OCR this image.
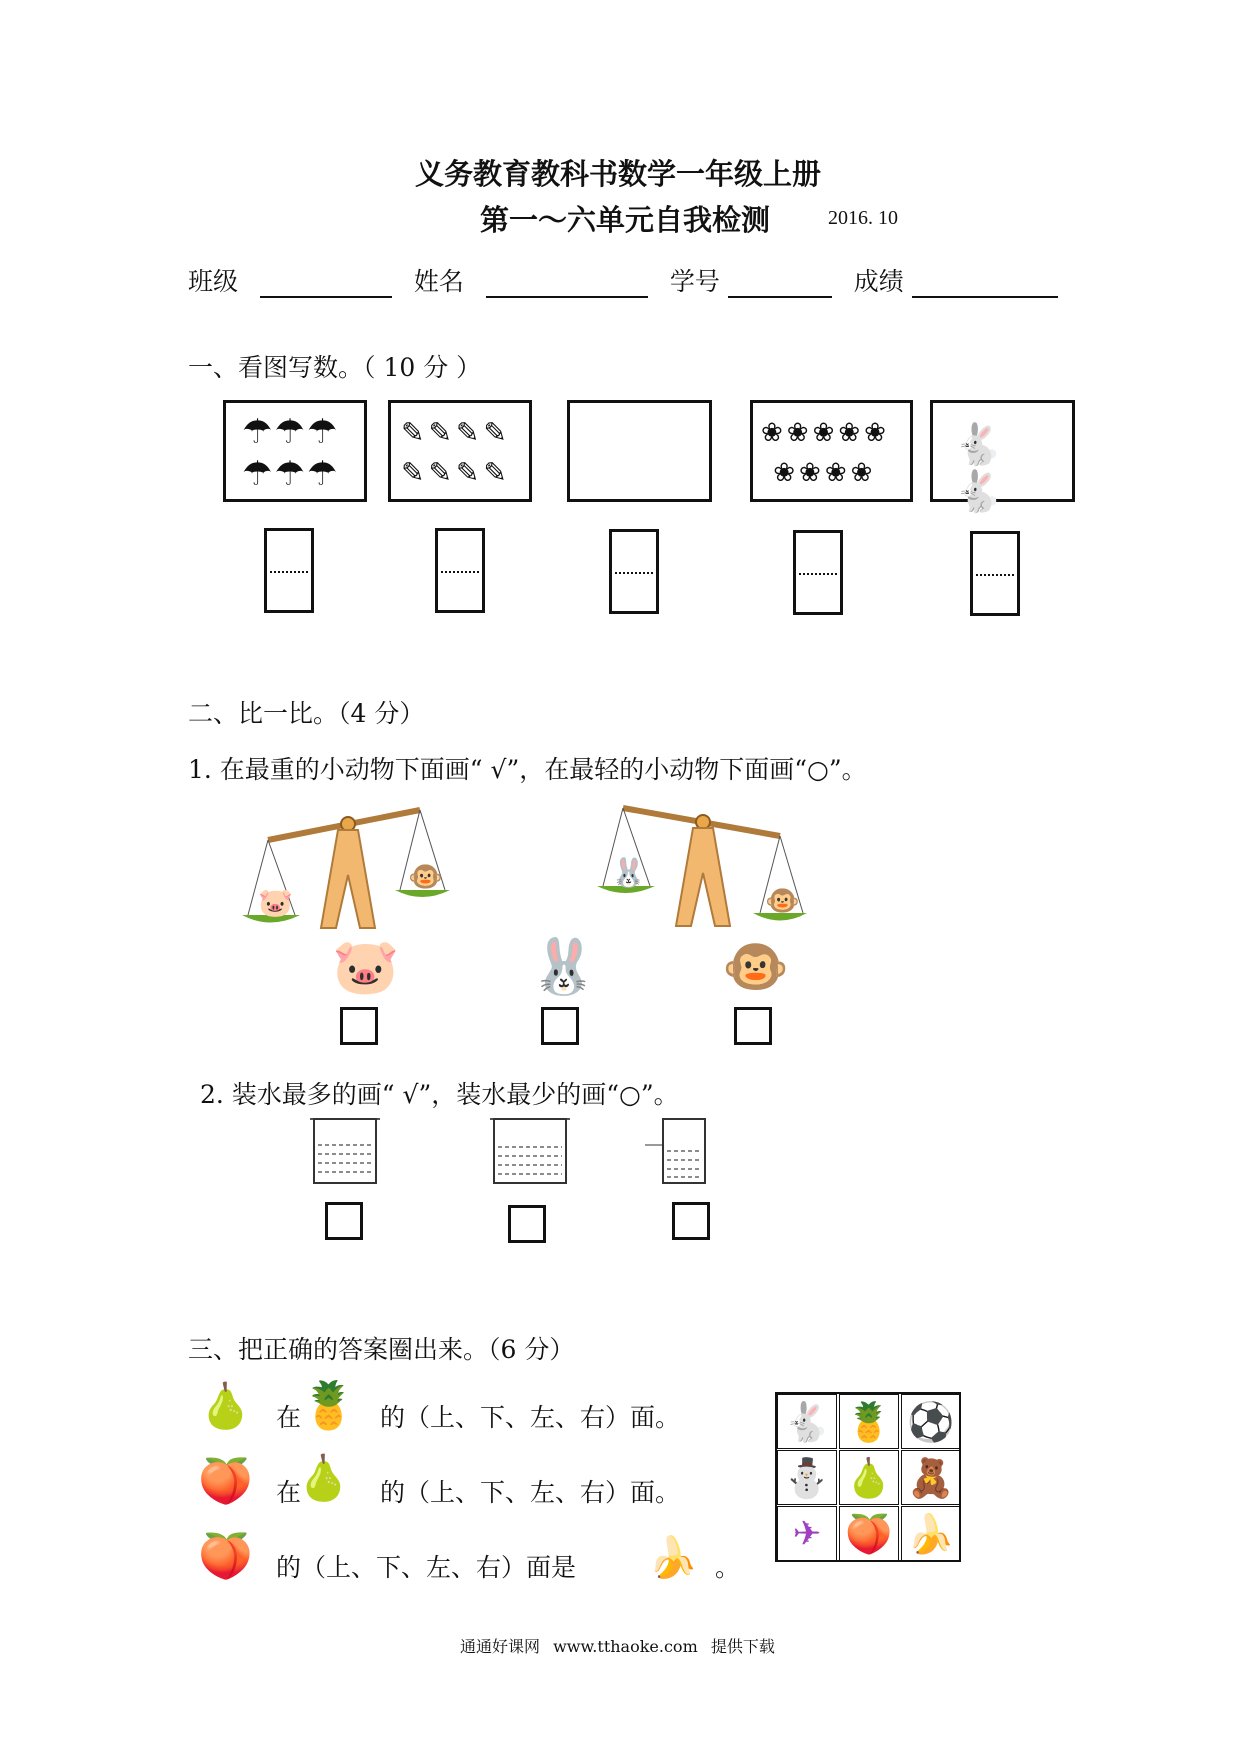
义务教育教科书数学一年级上册
第一～六单元自我检测	2016. 10
班级	姓名	学号	成绩
一、看图写数。（ 10 分 ）
☂☂☂
☂☂☂
✎✎✎✎
✎✎✎✎
❀❀❀❀❀
❀❀❀❀
🐇🐇
二、比一比。（4 分）
1. 在最重的小动物下面画“ √”，在最轻的小动物下面画“○”。
🐷
🐵	🐰
🐵
🐷 🐰 🐵
2. 装水最多的画“ √”，装水最少的画“○”。
三、把正确的答案圈出来。（6 分）
🍐 在
🍍 的（上、下、左、右）面。
🍑 在
🍐 的（上、下、左、右）面。
🍑 的（上、下、左、右）面是 🍌 。
🐇 🍍 ⚽
⛄ 🍐 🧸
✈ 🍑 🍌
通通好课网 www.tthaoke.com 提供下载
